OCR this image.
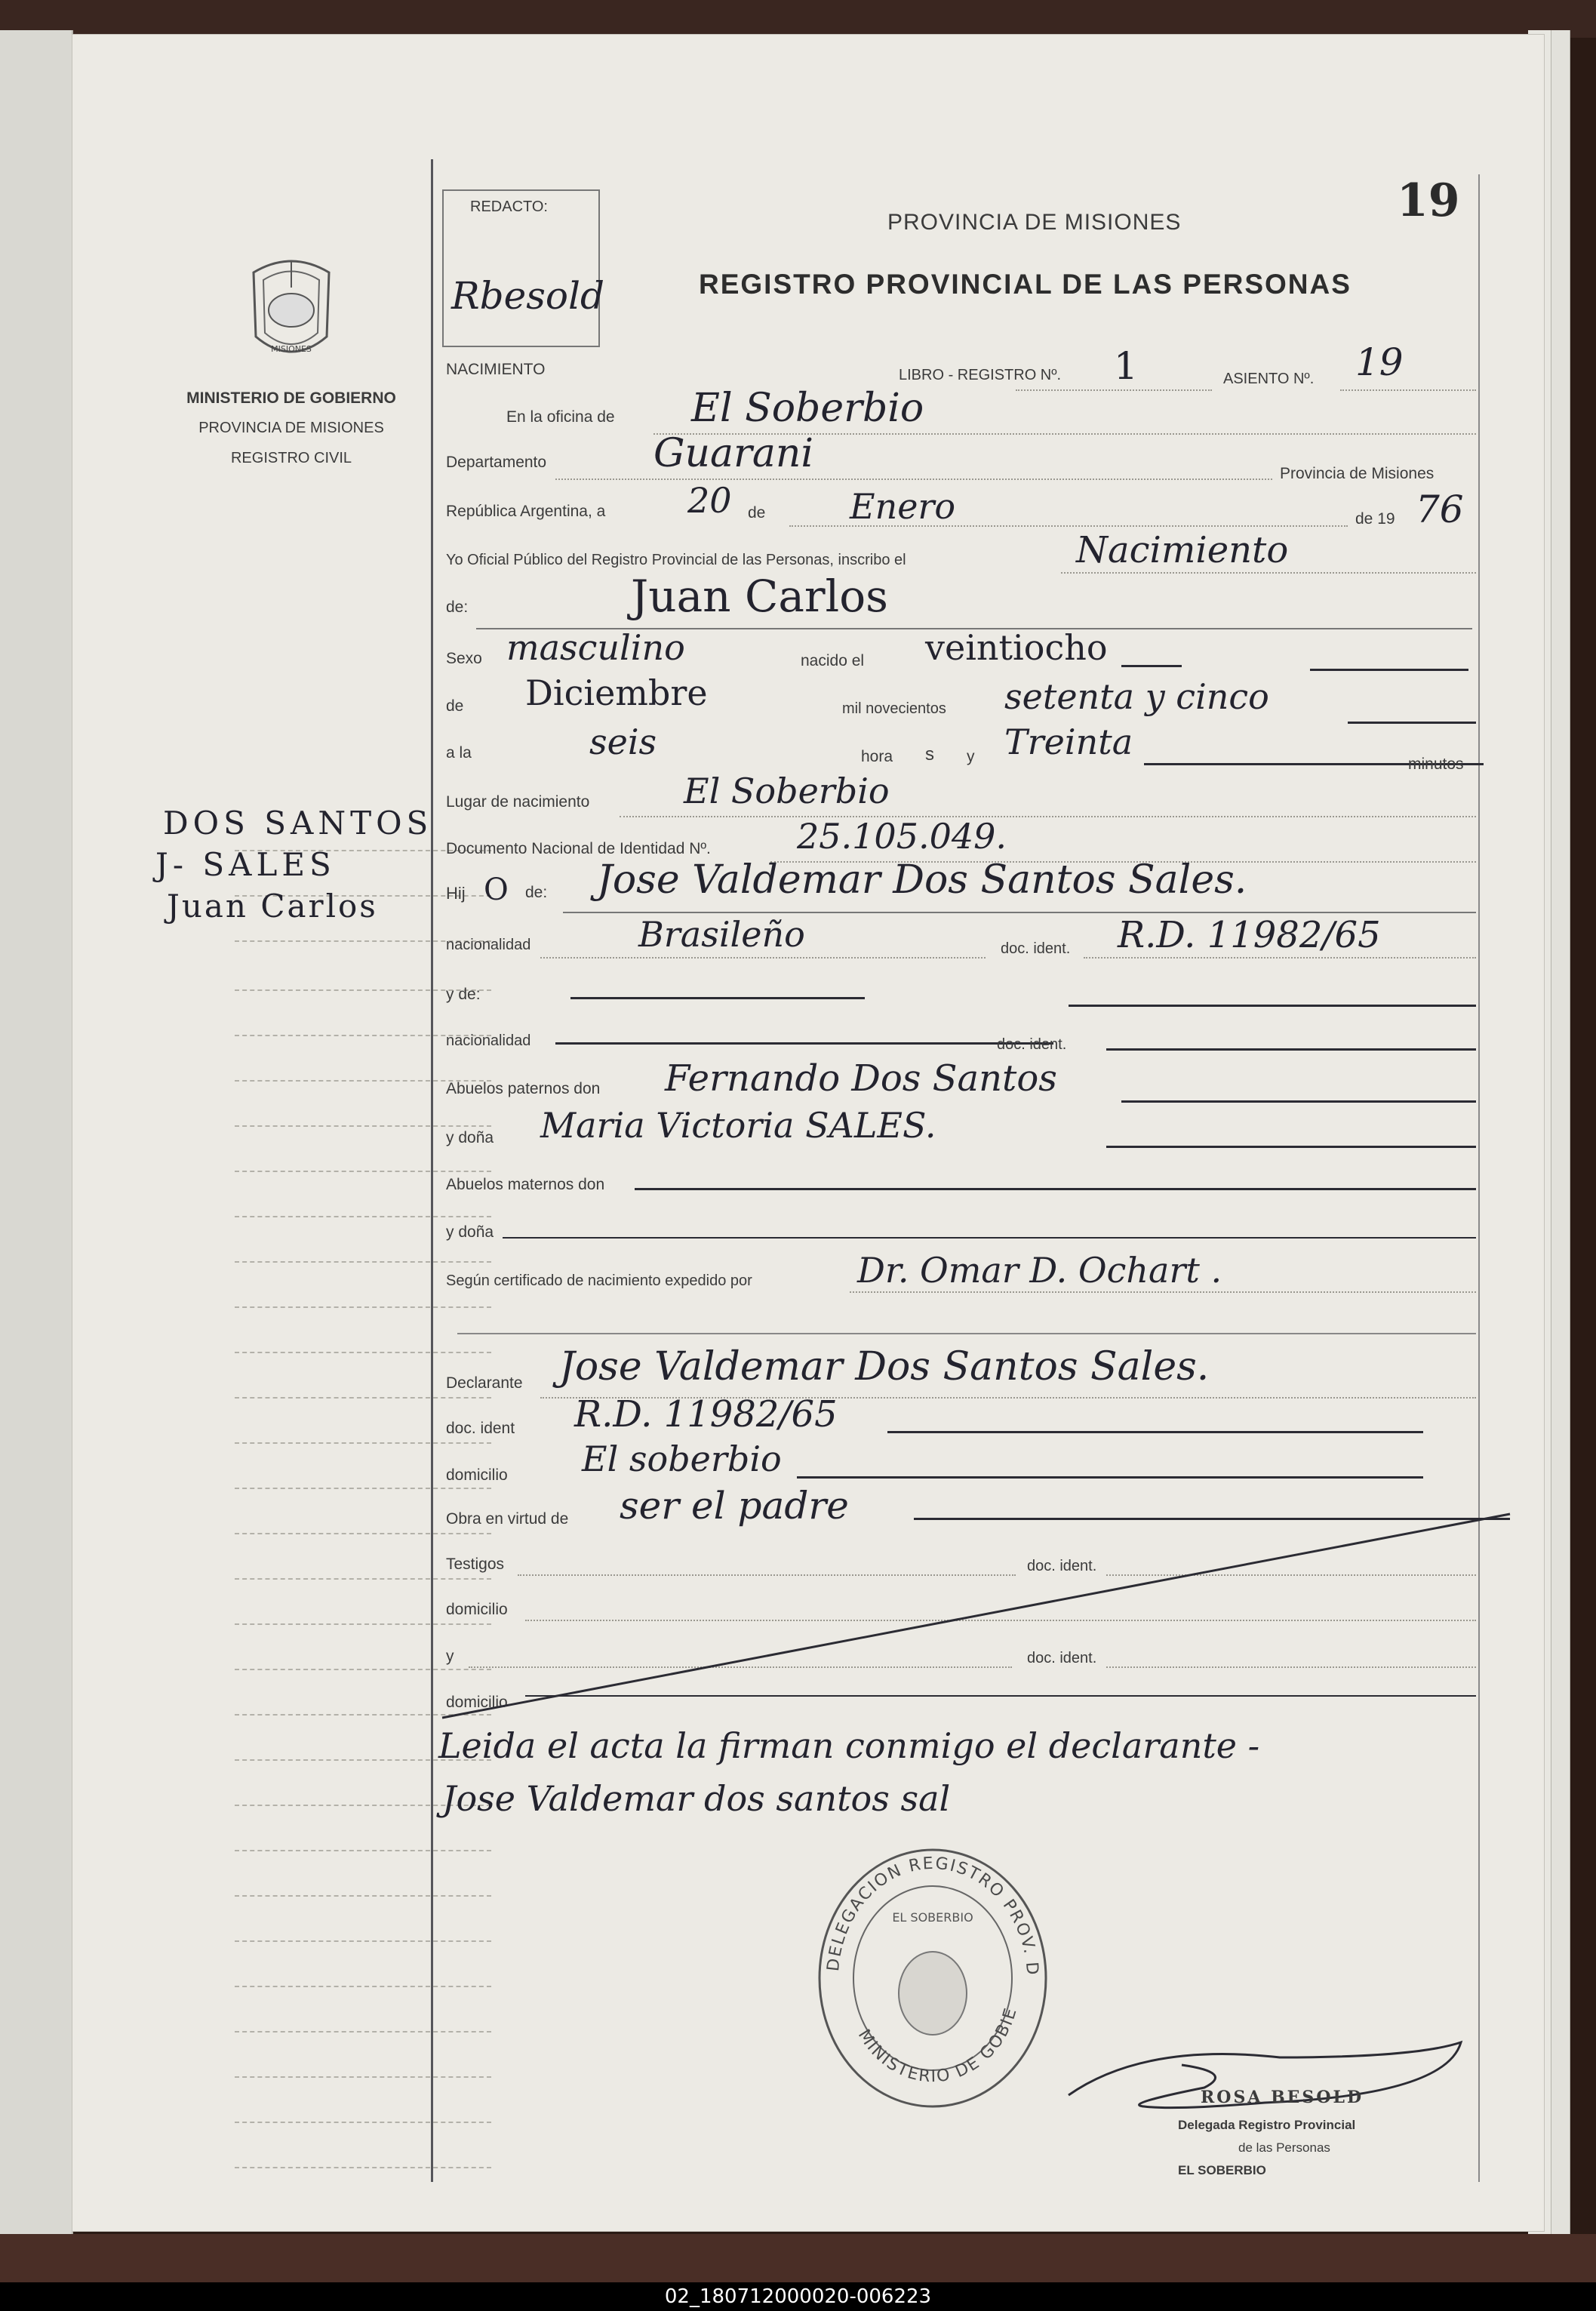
19
REDACTO:
Rbesold
PROVINCIA DE MISIONES
REGISTRO PROVINCIAL DE LAS PERSONAS
MISIONES
MINISTERIO DE GOBIERNO
PROVINCIA DE MISIONES
REGISTRO CIVIL
DOS SANTOS
J- SALES
Juan Carlos
NACIMIENTO	LIBRO - REGISTRO Nº. 1	ASIENTO Nº. 19
En la oficina de El Soberbio
Departamento	Guarani	Provincia de Misiones
República Argentina, a 20 de Enero	de 19 76
Yo Oficial Público del Registro Provincial de las Personas, inscribo el	Nacimiento
de:	Juan Carlos
Sexo masculino	nacido el veintiocho
de Diciembre	mil novecientos setenta y cinco
a la	seis	hora s y Treinta
minutos
Lugar de nacimiento	El Soberbio
Documento Nacional de Identidad Nº. 25.105.049.
Hij O de: Jose Valdemar Dos Santos Sales.
nacionalidad	Brasileño	doc. ident. R.D. 11982/65
y de:
nacionalidad	doc. ident.
Abuelos paternos don Fernando Dos Santos
y doña Maria Victoria SALES.
Abuelos maternos don
y doña
Según certificado de nacimiento expedido por	Dr. Omar D. Ochart .
Declarante Jose Valdemar Dos Santos Sales.
doc. ident R.D. 11982/65
domicilio El soberbio
Obra en virtud de ser el padre
Testigos	doc. ident.
domicilio
y	doc. ident.
domicilio
Leida el acta la firman conmigo el declarante -
Jose Valdemar dos santos sal
DELEGACION REGISTRO PROV. D
MINISTERIO DE GOBIE
EL SOBERBIO
ROSA BESOLD
Delegada Registro Provincial
de las Personas
EL SOBERBIO
02_180712000020-006223
